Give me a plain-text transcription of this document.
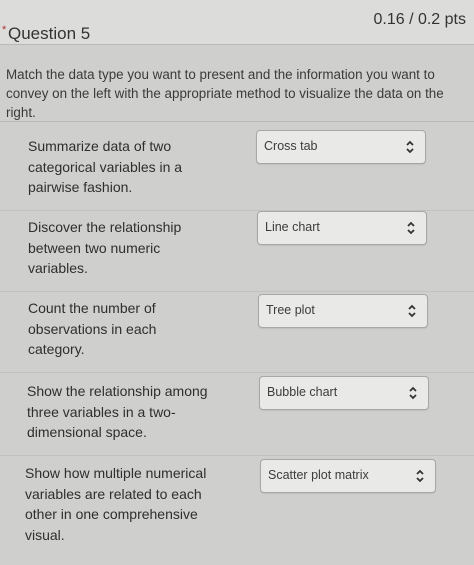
* Question 5
0.16 / 0.2 pts
Match the data type you want to present and the information you want to convey on the left with the appropriate method to visualize the data on the right.
Summarize data of two categorical variables in a pairwise fashion.
Cross tab
Discover the relationship between two numeric variables.
Line chart
Count the number of observations in each category.
Tree plot
Show the relationship among three variables in a two-dimensional space.
Bubble chart
Show how multiple numerical variables are related to each other in one comprehensive visual.
Scatter plot matrix
